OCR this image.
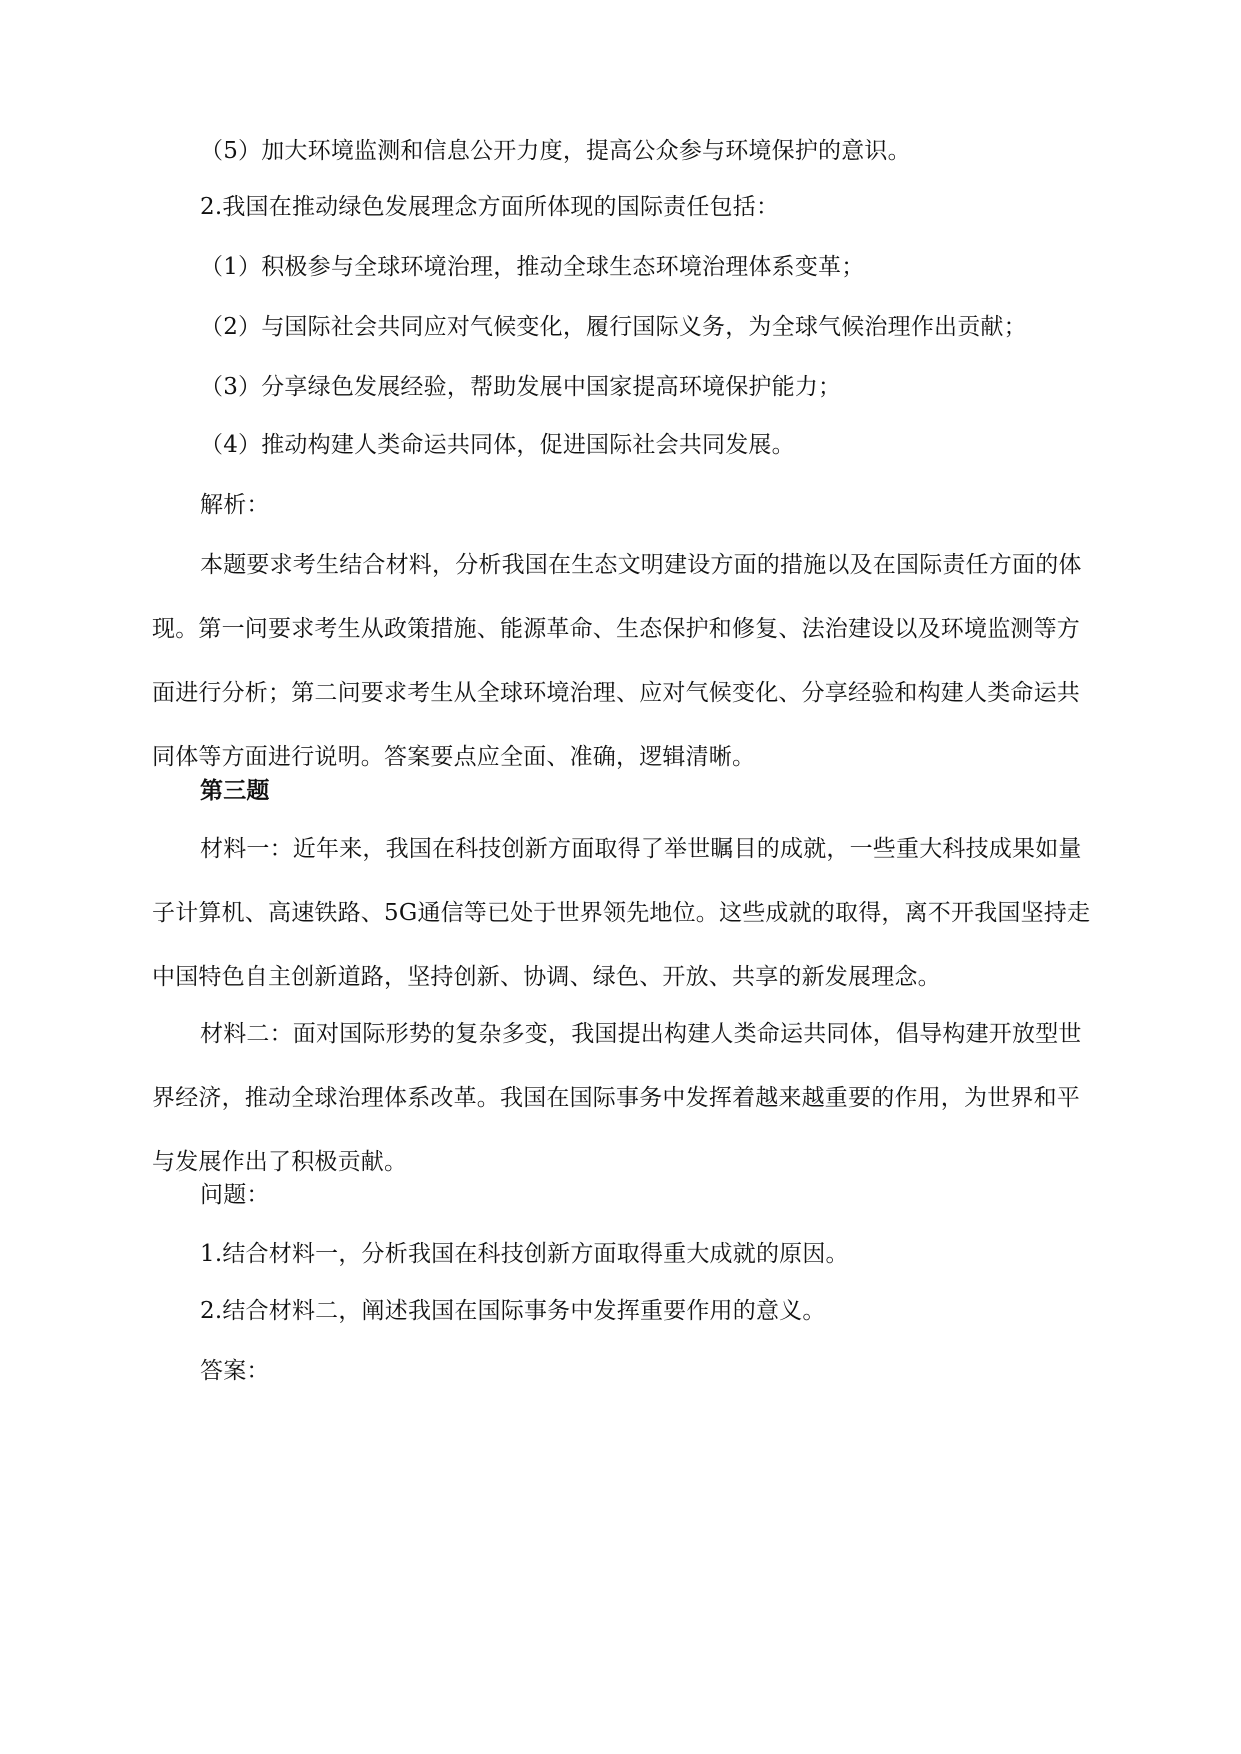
（5）加大环境监测和信息公开力度，提高公众参与环境保护的意识。
2.我国在推动绿色发展理念方面所体现的国际责任包括：
（1）积极参与全球环境治理，推动全球生态环境治理体系变革；
（2）与国际社会共同应对气候变化，履行国际义务，为全球气候治理作出贡献；
（3）分享绿色发展经验，帮助发展中国家提高环境保护能力；
（4）推动构建人类命运共同体，促进国际社会共同发展。
解析：
本题要求考生结合材料，分析我国在生态文明建设方面的措施以及在国际责任方面的体现。第一问要求考生从政策措施、能源革命、生态保护和修复、法治建设以及环境监测等方面进行分析；第二问要求考生从全球环境治理、应对气候变化、分享经验和构建人类命运共同体等方面进行说明。答案要点应全面、准确，逻辑清晰。
第三题
材料一：近年来，我国在科技创新方面取得了举世瞩目的成就，一些重大科技成果如量子计算机、高速铁路、5G通信等已处于世界领先地位。这些成就的取得，离不开我国坚持走中国特色自主创新道路，坚持创新、协调、绿色、开放、共享的新发展理念。
材料二：面对国际形势的复杂多变，我国提出构建人类命运共同体，倡导构建开放型世界经济，推动全球治理体系改革。我国在国际事务中发挥着越来越重要的作用，为世界和平与发展作出了积极贡献。
问题：
1.结合材料一，分析我国在科技创新方面取得重大成就的原因。
2.结合材料二，阐述我国在国际事务中发挥重要作用的意义。
答案：
